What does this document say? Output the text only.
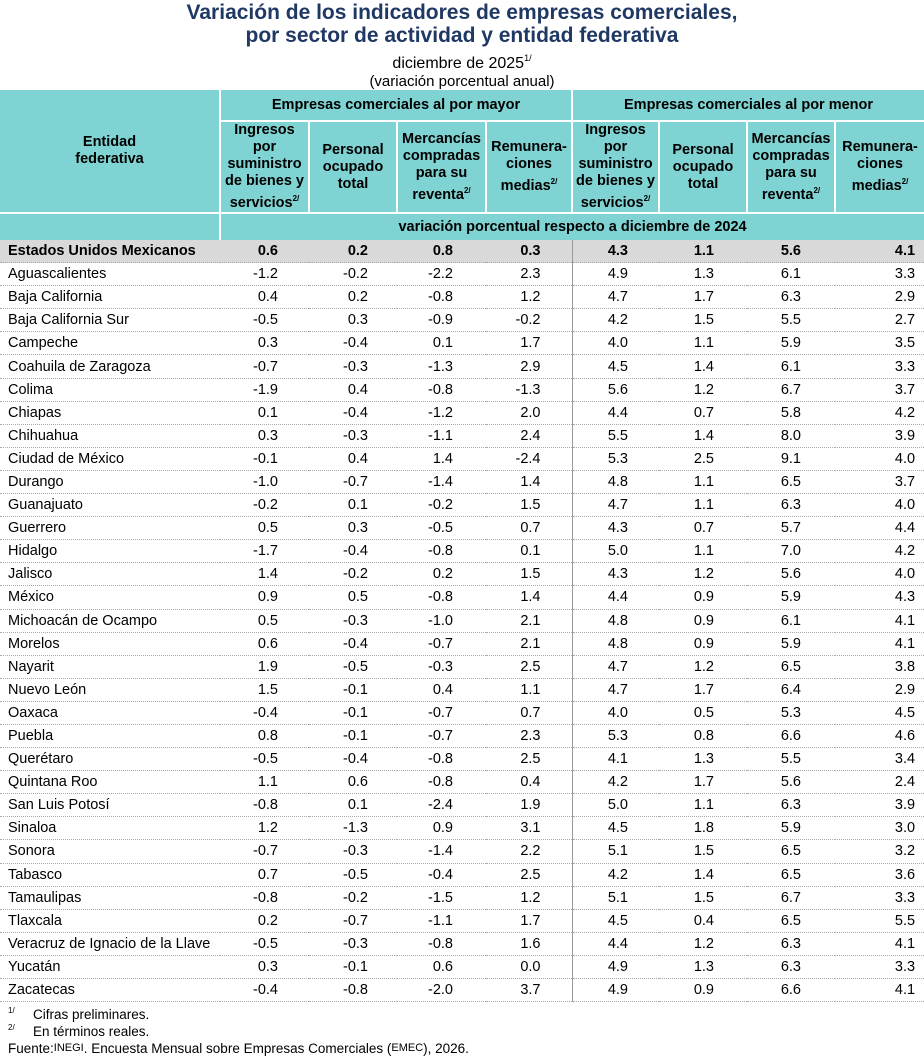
Variación de los indicadores de empresas comerciales,
por sector de actividad y entidad federativa
diciembre de $2025^{1/}$
(variación porcentual anual)
Entidad federativa	Empresas comerciales al por mayor				Empresas comerciales al por menor			
	Ingresos por suministro de bienes y servicios$^{2/}$	Personal ocupado total	Mercancías compradas para su reventa$^{2/}$	Remunera-ciones medias$^{2/}$	Ingresos por suministro de bienes y servicios$^{2/}$	Personal ocupado total	Mercancías compradas para su reventa$^{2/}$	Remunera-ciones medias$^{2/}$
	variación porcentual respecto a diciembre de 2024							
Estados Unidos Mexicanos	0.6	0.2	0.8	0.3	4.3	1.1	5.6	4.1
Aguascalientes	-1.2	-0.2	-2.2	2.3	4.9	1.3	6.1	3.3
Baja California	0.4	0.2	-0.8	1.2	4.7	1.7	6.3	2.9
Baja California Sur	-0.5	0.3	-0.9	-0.2	4.2	1.5	5.5	2.7
Campeche	0.3	-0.4	0.1	1.7	4.0	1.1	5.9	3.5
Coahuila de Zaragoza	-0.7	-0.3	-1.3	2.9	4.5	1.4	6.1	3.3
Colima	-1.9	0.4	-0.8	-1.3	5.6	1.2	6.7	3.7
Chiapas	0.1	-0.4	-1.2	2.0	4.4	0.7	5.8	4.2
Chihuahua	0.3	-0.3	-1.1	2.4	5.5	1.4	8.0	3.9
Ciudad de México	-0.1	0.4	1.4	-2.4	5.3	2.5	9.1	4.0
Durango	-1.0	-0.7	-1.4	1.4	4.8	1.1	6.5	3.7
Guanajuato	-0.2	0.1	-0.2	1.5	4.7	1.1	6.3	4.0
Guerrero	0.5	0.3	-0.5	0.7	4.3	0.7	5.7	4.4
Hidalgo	-1.7	-0.4	-0.8	0.1	5.0	1.1	7.0	4.2
Jalisco	1.4	-0.2	0.2	1.5	4.3	1.2	5.6	4.0
México	0.9	0.5	-0.8	1.4	4.4	0.9	5.9	4.3
Michoacán de Ocampo	0.5	-0.3	-1.0	2.1	4.8	0.9	6.1	4.1
Morelos	0.6	-0.4	-0.7	2.1	4.8	0.9	5.9	4.1
Nayarit	1.9	-0.5	-0.3	2.5	4.7	1.2	6.5	3.8
Nuevo León	1.5	-0.1	0.4	1.1	4.7	1.7	6.4	2.9
Oaxaca	-0.4	-0.1	-0.7	0.7	4.0	0.5	5.3	4.5
Puebla	0.8	-0.1	-0.7	2.3	5.3	0.8	6.6	4.6
Querétaro	-0.5	-0.4	-0.8	2.5	4.1	1.3	5.5	3.4
Quintana Roo	1.1	0.6	-0.8	0.4	4.2	1.7	5.6	2.4
San Luis Potosí	-0.8	0.1	-2.4	1.9	5.0	1.1	6.3	3.9
Sinaloa	1.2	-1.3	0.9	3.1	4.5	1.8	5.9	3.0
Sonora	-0.7	-0.3	-1.4	2.2	5.1	1.5	6.5	3.2
Tabasco	0.7	-0.5	-0.4	2.5	4.2	1.4	6.5	3.6
Tamaulipas	-0.8	-0.2	-1.5	1.2	5.1	1.5	6.7	3.3
Tlaxcala	0.2	-0.7	-1.1	1.7	4.5	0.4	6.5	5.5
Veracruz de Ignacio de la Llave	-0.5	-0.3	-0.8	1.6	4.4	1.2	6.3	4.1
Yucatán	0.3	-0.1	0.6	0.0	4.9	1.3	6.3	3.3
Zacatecas	-0.4	-0.8	-2.0	3.7	4.9	0.9	6.6	4.1
1/	Cifras preliminares.
2/	En términos reales.
Fuente: INEGI . Encuesta Mensual sobre Empresas Comerciales ( EMEC ), 2026.
